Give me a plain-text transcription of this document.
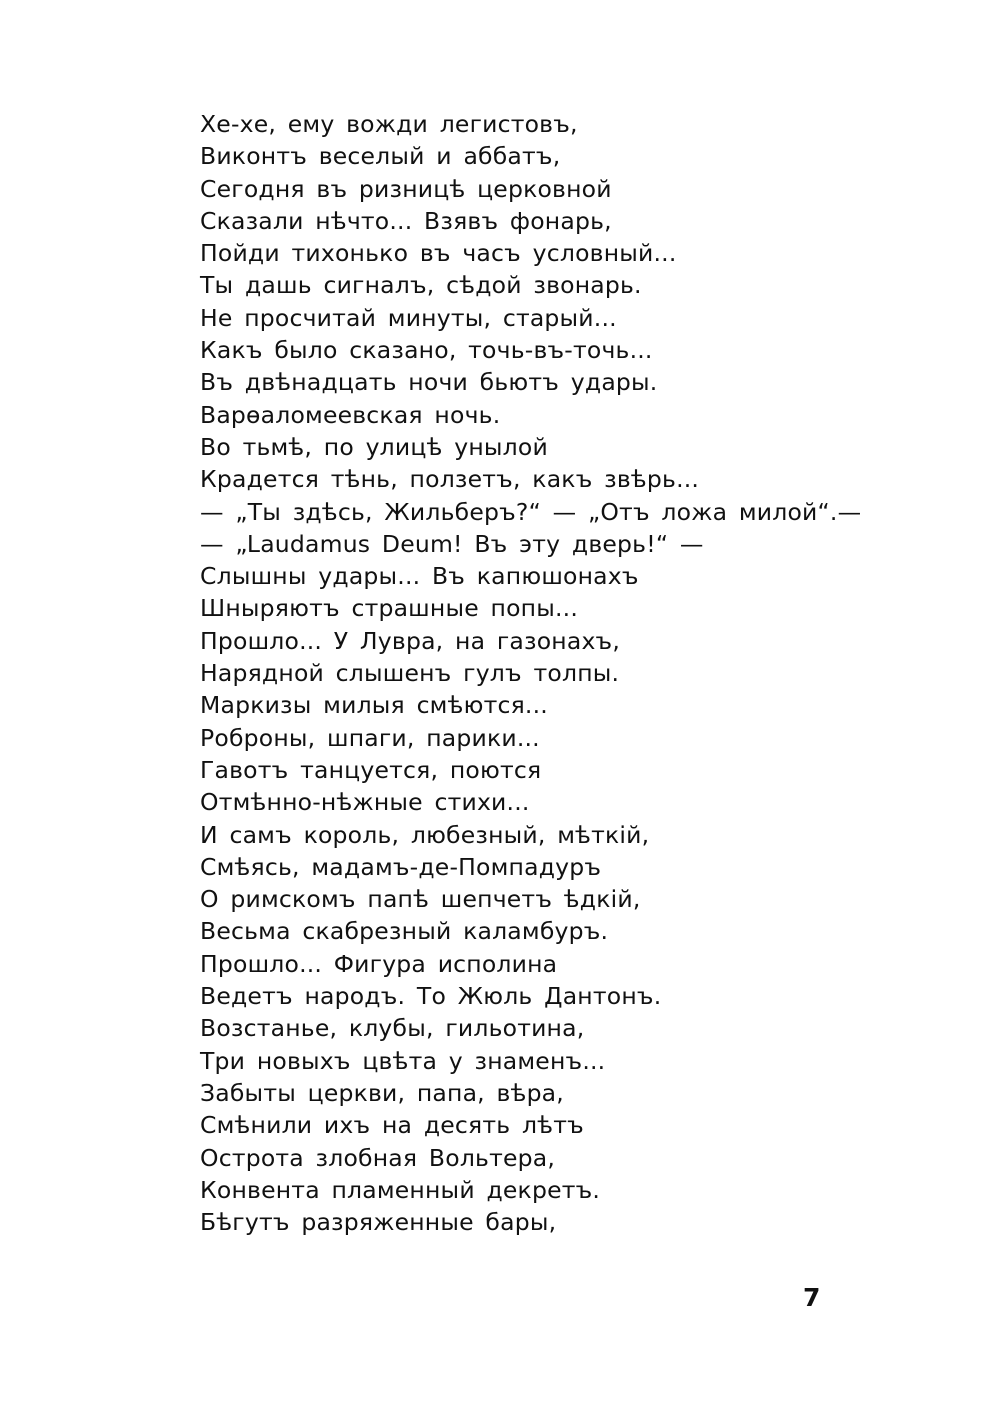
Хе-хе, ему вожди легистовъ,
Виконтъ веселый и аббатъ,
Сегодня въ ризницѣ церковной
Сказали нѣчто... Взявъ фонарь,
Пойди тихонько въ часъ условный...
Ты дашь сигналъ, сѣдой звонарь.
Не просчитай минуты, старый...
Какъ было сказано, точь-въ-точь...
Въ двѣнадцать ночи бьютъ удары.
Варѳаломеевская ночь.
Во тьмѣ, по улицѣ унылой
Крадется тѣнь, ползетъ, какъ звѣрь...
— „Ты здѣсь, Жильберъ?“ — „Отъ ложа милой“.—
— „Laudamus Deum! Въ эту дверь!“ —
Слышны удары... Въ капюшонахъ
Шныряютъ страшные попы...
Прошло... У Лувра, на газонахъ,
Нарядной слышенъ гулъ толпы.
Маркизы милыя смѣются...
Роброны, шпаги, парики...
Гавотъ танцуется, поются
Отмѣнно-нѣжные стихи...
И самъ король, любезный, мѣткій,
Смѣясь, мадамъ-де-Помпадуръ
О римскомъ папѣ шепчетъ ѣдкій,
Весьма скабрезный каламбуръ.
Прошло... Фигура исполина
Ведетъ народъ. То Жюль Дантонъ.
Возстанье, клубы, гильотина,
Три новыхъ цвѣта у знаменъ...
Забыты церкви, папа, вѣра,
Смѣнили ихъ на десять лѣтъ
Острота злобная Вольтера,
Конвента пламенный декретъ.
Бѣгутъ разряженные бары,
7
